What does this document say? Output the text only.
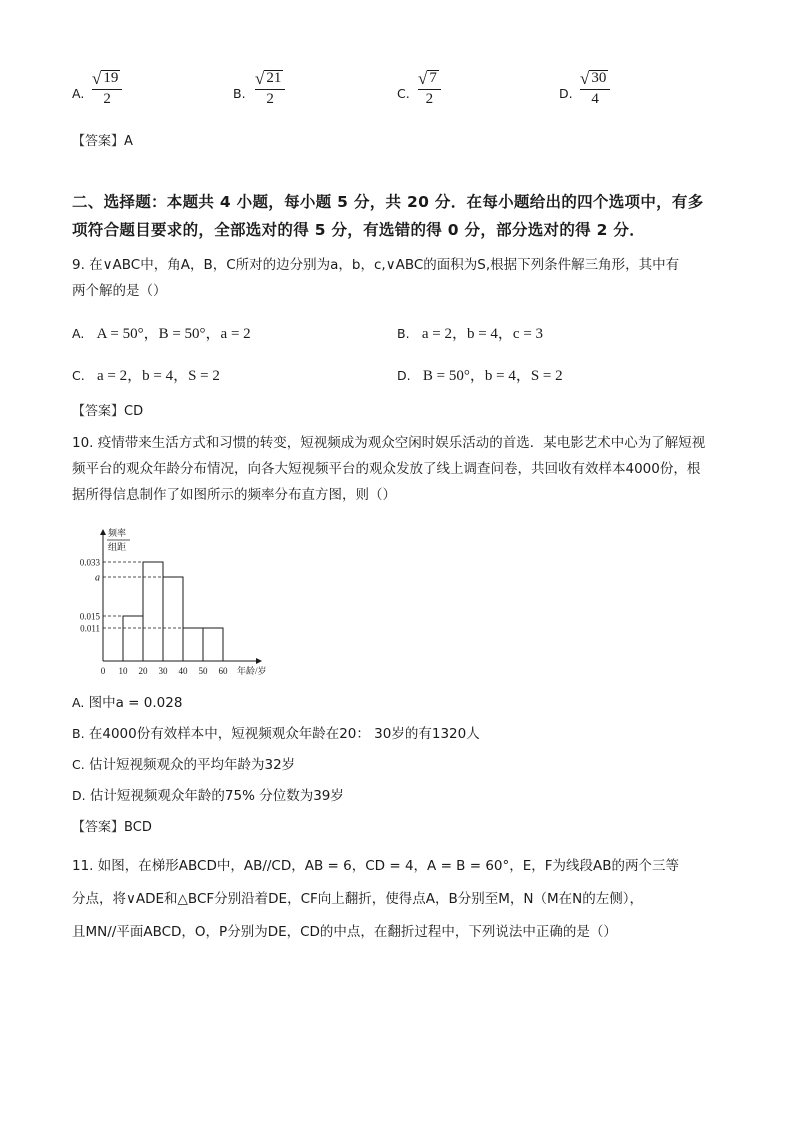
A.
√ 19
2	B.
√ 21
2	C.
√ 7
2	D.
√ 30
4
【答案】A
二、选择题：本题共 4 小题，每小题 5 分，共 20 分．在每小题给出的四个选项中，有多
项符合题目要求的，全部选对的得 5 分，有选错的得 0 分，部分选对的得 2 分．
9. 在∨ABC中，角A，B，C所对的边分别为a，b，c,∨ABC的面积为S,根据下列条件解三角形，其中有
两个解的是（）
A. A = 50°，B = 50°，a = 2	B. a = 2，b = 4，c = 3
C. a = 2，b = 4，S = 2	D. B = 50°，b = 4，S = 2
【答案】CD
10. 疫情带来生活方式和习惯的转变，短视频成为观众空闲时娱乐活动的首选．某电影艺术中心为了解短视
频平台的观众年龄分布情况，向各大短视频平台的观众发放了线上调查问卷，共回收有效样本4000份，根
据所得信息制作了如图所示的频率分布直方图，则（）
0.033
a
0.015
0.011
0 10 20 30 40 50 60 年龄/岁
频率
组距
A. 图中a = 0.028
B. 在4000份有效样本中，短视频观众年龄在20： 30岁的有1320人
C. 估计短视频观众的平均年龄为32岁
D. 估计短视频观众年龄的75% 分位数为39岁
【答案】BCD
11. 如图，在梯形ABCD中，AB//CD，AB = 6，CD = 4，A = B = 60°，E，F为线段AB的两个三等
分点，将∨ADE和△BCF分别沿着DE，CF向上翻折，使得点A，B分别至M，N（M在N的左侧），
且MN//平面ABCD，O，P分别为DE，CD的中点，在翻折过程中，下列说法中正确的是（）
